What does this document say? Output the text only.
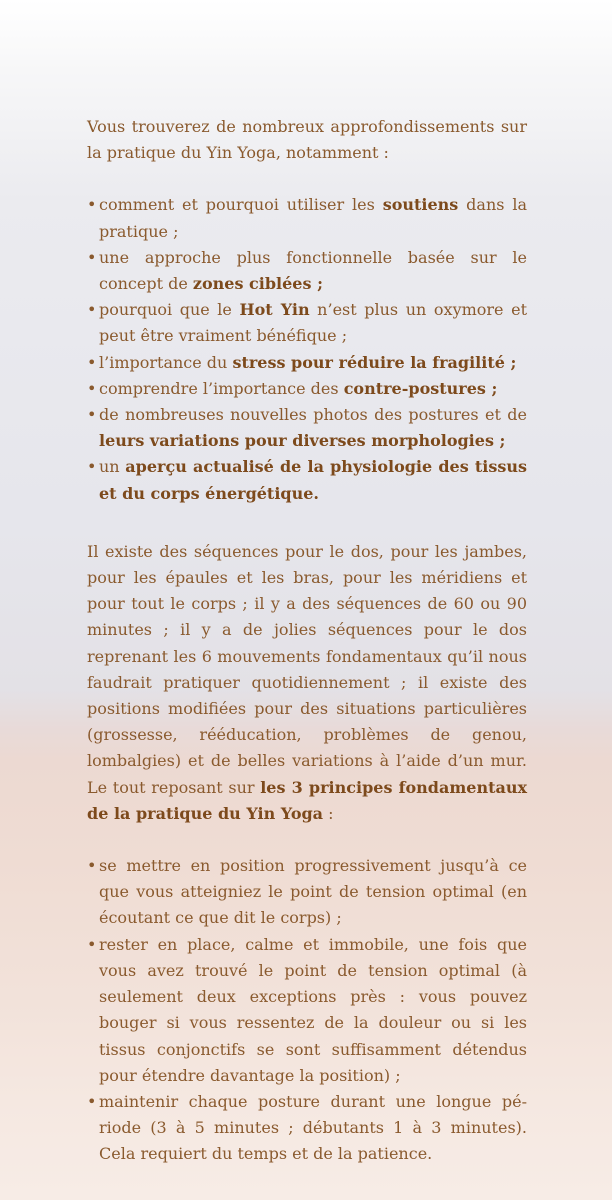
Vous trouverez de nombreux approfondissements sur la pratique du Yin Yoga, notamment :

• comment et pourquoi utiliser les soutiens dans la pratique ;
• une approche plus fonctionnelle basée sur le concept de zones ciblées ;
• pourquoi que le Hot Yin n’est plus un oxymore et peut être vraiment bénéfique ;
• l’importance du stress pour réduire la fragilité ;
• comprendre l’importance des contre-postures ;
• de nombreuses nouvelles photos des postures et de leurs variations pour diverses morphologies ;
• un aperçu actualisé de la physiologie des tissus et du corps énergétique.

Il existe des séquences pour le dos, pour les jambes, pour les épaules et les bras, pour les méridiens et pour tout le corps ; il y a des séquences de 60 ou 90 minutes ; il y a de jolies séquences pour le dos reprenant les 6 mouvements fondamentaux qu’il nous faudrait pratiquer quotidiennement ; il existe des positions modifiées pour des situations particulières (grossesse, rééducation, problèmes de genou, lombalgies) et de belles variations à l’aide d’un mur. Le tout reposant sur les 3 principes fondamentaux de la pratique du Yin Yoga :

• se mettre en position progressivement jusqu’à ce que vous atteigniez le point de tension optimal (en écoutant ce que dit le corps) ;
• rester en place, calme et immobile, une fois que vous avez trouvé le point de tension optimal (à seulement deux exceptions près : vous pouvez bouger si vous ressentez de la douleur ou si les tissus conjonctifs se sont suffisamment détendus pour étendre davantage la position) ;
• maintenir chaque posture durant une longue période (3 à 5 minutes ; débutants 1 à 3 minutes). Cela requiert du temps et de la patience.
